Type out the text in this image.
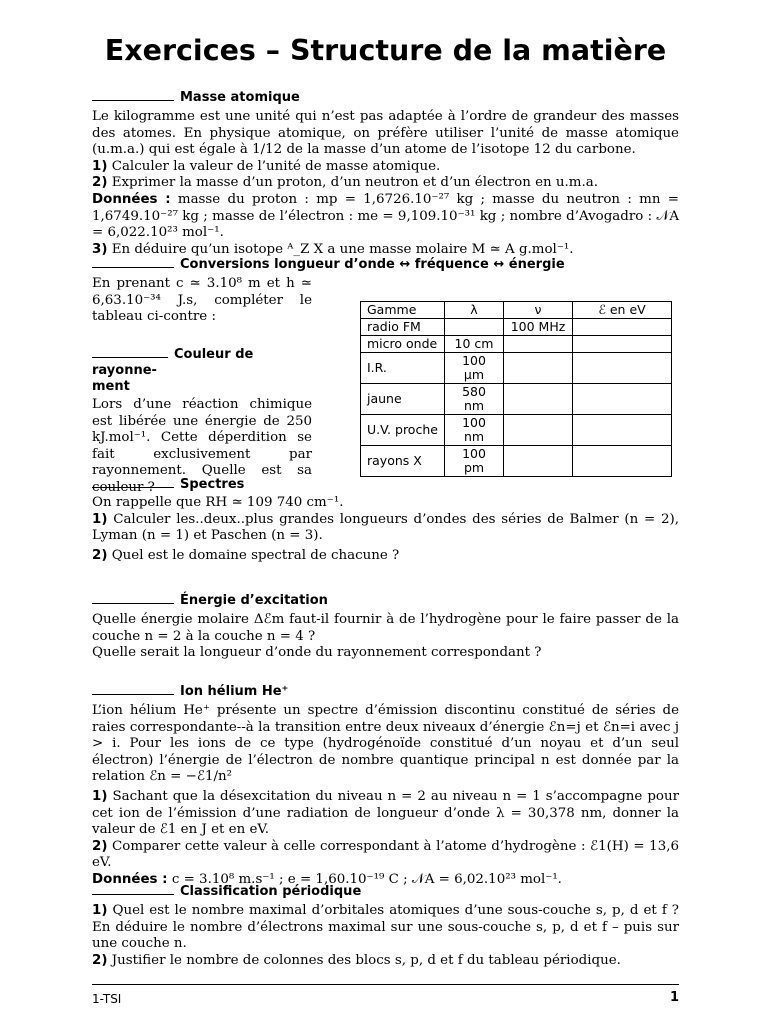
Exercices – Structure de la matière
Masse atomique

Le kilogramme est une unité qui n’est pas adaptée à l’ordre de grandeur des masses des atomes. En physique atomique, on préfère utiliser l’unité de masse atomique (u.m.a.) qui est égale à 1/12 de la masse d’un atome de l’isotope 12 du carbone.

1) Calculer la valeur de l’unité de masse atomique.

2) Exprimer la masse d’un proton, d’un neutron et d’un électron en u.m.a.

Données : masse du proton : mp = 1,6726.10⁻²⁷ kg ; masse du neutron : mn = 1,6749.10⁻²⁷ kg ; masse de l’électron : me = 9,109.10⁻³¹ kg ; nombre d’Avogadro : 𝒩A = 6,022.10²³ mol⁻¹.

3) En déduire qu’un isotope ᴬ_Z X a une masse molaire M ≃ A g.mol⁻¹.

Conversions longueur d’onde ↔ fréquence ↔ énergie

En prenant c ≃ 3.10⁸ m et h ≃ 6,63.10⁻³⁴ J.s, compléter le tableau ci-contre :	Gamme	λ	ν	ℰ en eV
radio FM		100 MHz	
micro onde	10 cm		
I.R.	100 μm		
jaune	580 nm		
U.V. proche	100 nm		
rayons X	100 pm		
Couleur de rayonne-
ment

Lors d’une réaction chimique est libérée une énergie de 250 kJ.mol⁻¹. Cette déperdition se fait exclusivement par rayonnement. Quelle est sa couleur ?	Spectres

On rappelle que RH ≃ 109 740 cm⁻¹.

1) Calculer les..deux..plus grandes longueurs d’ondes des séries de Balmer (n = 2), Lyman (n = 1) et Paschen (n = 3).

2) Quel est le domaine spectral de chacune ?

Énergie d’excitation

Quelle énergie molaire Δℰm faut-il fournir à de l’hydrogène pour le faire passer de la couche n = 2 à la couche n = 4 ?

Quelle serait la longueur d’onde du rayonnement correspondant ?

Ion hélium He⁺

L’ion hélium He⁺ présente un spectre d’émission discontinu constitué de séries de raies correspondante--à la transition entre deux niveaux d’énergie ℰn=j et ℰn=i avec j > i. Pour les ions de ce type (hydrogénoïde constitué d’un noyau et d’un seul électron) l’énergie de l’électron de nombre quantique principal n est donnée par la relation ℰn = −ℰ1/n²

1) Sachant que la désexcitation du niveau n = 2 au niveau n = 1 s’accompagne pour cet ion de l’émission d’une radiation de longueur d’onde λ = 30,378 nm, donner la valeur de ℰ1 en J et en eV.

2) Comparer cette valeur à celle correspondant à l’atome d’hydrogène : ℰ1(H) = 13,6 eV.

Données : c = 3.10⁸ m.s⁻¹ ; e = 1,60.10⁻¹⁹ C ; 𝒩A = 6,02.10²³ mol⁻¹.

Classification périodique

1) Quel est le nombre maximal d’orbitales atomiques d’une sous-couche s, p, d et f ? En déduire le nombre d’électrons maximal sur une sous-couche s, p, d et f – puis sur une couche n.

2) Justifier le nombre de colonnes des blocs s, p, d et f du tableau périodique.

1-TSI	1
